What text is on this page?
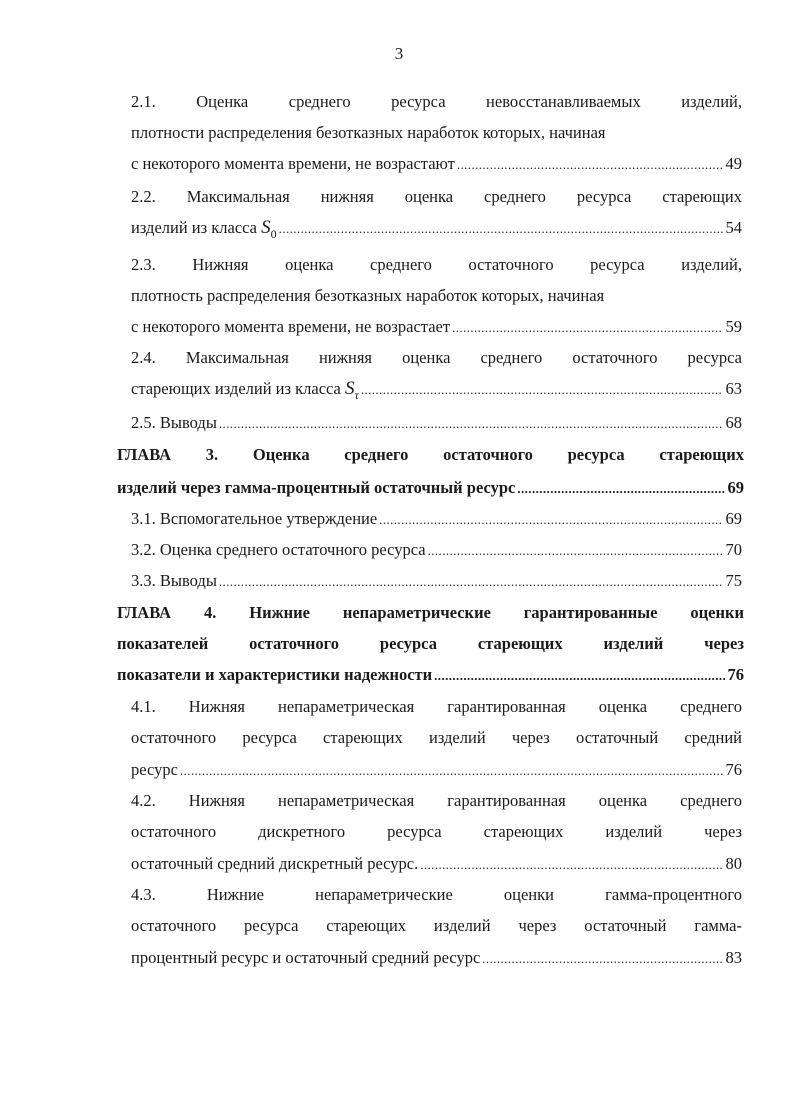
3
2.1. Оценка среднего ресурса невосстанавливаемых изделий,
плотности распределения безотказных наработок которых, начиная
с некоторого момента времени, не возрастают .....	49
2.2. Максимальная нижняя оценка среднего ресурса стареющих
изделий из класса $S_0$ .....	54
2.3. Нижняя оценка среднего остаточного ресурса изделий,
плотность распределения безотказных наработок которых, начиная
с некоторого момента времени, не возрастает .....	59
2.4. Максимальная нижняя оценка среднего остаточного ресурса
стареющих изделий из класса $S_\tau$ .....	63
2.5. Выводы .....	68
ГЛАВА 3. Оценка среднего остаточного ресурса стареющих
изделий через гамма-процентный остаточный ресурс .....	69
3.1. Вспомогательное утверждение .....	69
3.2. Оценка среднего остаточного ресурса .....	70
3.3. Выводы .....	75
ГЛАВА 4. Нижние непараметрические гарантированные оценки
показателей остаточного ресурса стареющих изделий через
показатели и характеристики надежности .....	76
4.1. Нижняя непараметрическая гарантированная оценка среднего
остаточного ресурса стареющих изделий через остаточный средний
ресурс .....	76
4.2. Нижняя непараметрическая гарантированная оценка среднего
остаточного дискретного ресурса стареющих изделий через
остаточный средний дискретный ресурс. .....	80
4.3. Нижние непараметрические оценки гамма-процентного
остаточного ресурса стареющих изделий через остаточный гамма-
процентный ресурс и остаточный средний ресурс .....	83
